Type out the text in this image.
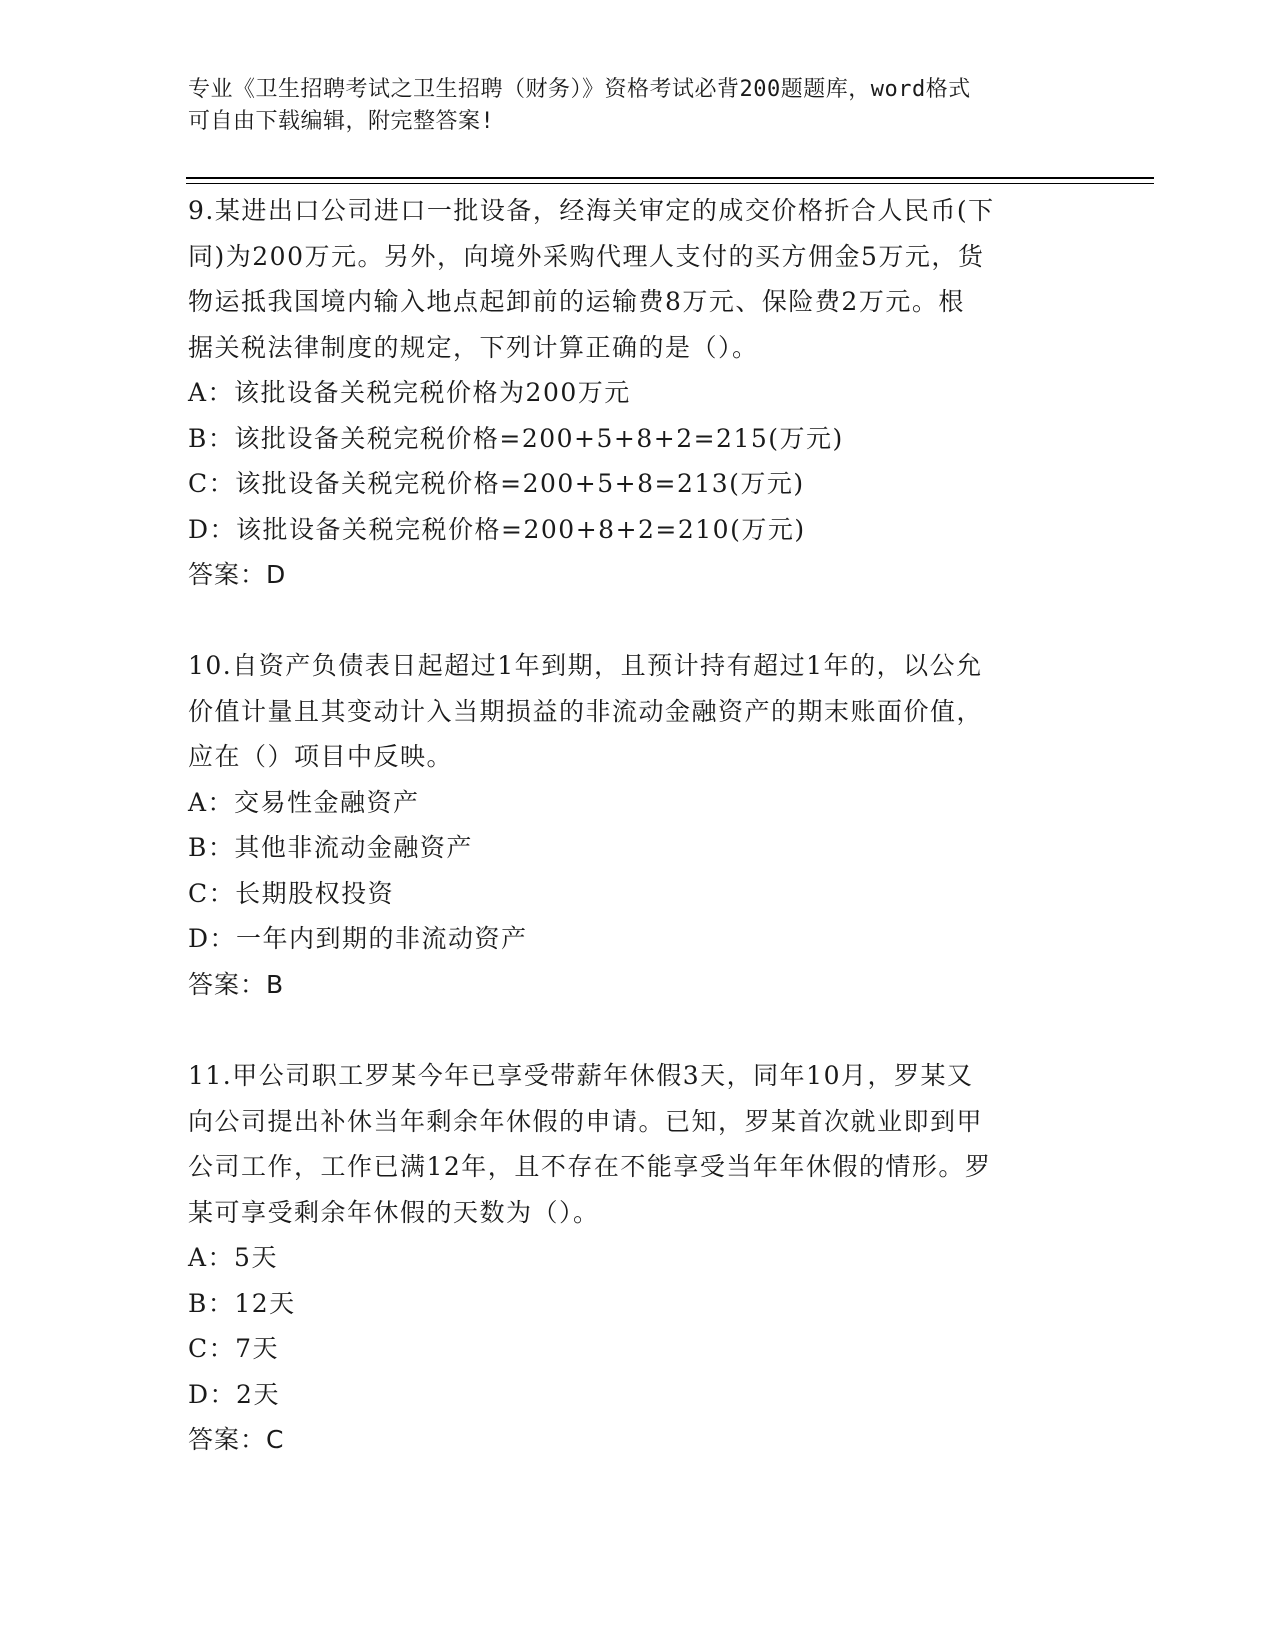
专业《卫生招聘考试之卫生招聘（财务）》资格考试必背200题题库，word格式
可自由下载编辑，附完整答案!
9.某进出口公司进口一批设备，经海关审定的成交价格折合人民币(下
同)为200万元。另外，向境外采购代理人支付的买方佣金5万元，货
物运抵我国境内输入地点起卸前的运输费8万元、保险费2万元。根
据关税法律制度的规定，下列计算正确的是（）。
A：该批设备关税完税价格为200万元
B：该批设备关税完税价格=200+5+8+2=215(万元)
C：该批设备关税完税价格=200+5+8=213(万元)
D：该批设备关税完税价格=200+8+2=210(万元)
答案：D
10.自资产负债表日起超过1年到期，且预计持有超过1年的，以公允
价值计量且其变动计入当期损益的非流动金融资产的期末账面价值，
应在（）项目中反映。
A：交易性金融资产
B：其他非流动金融资产
C：长期股权投资
D：一年内到期的非流动资产
答案：B
11.甲公司职工罗某今年已享受带薪年休假3天，同年10月，罗某又
向公司提出补休当年剩余年休假的申请。已知，罗某首次就业即到甲
公司工作，工作已满12年，且不存在不能享受当年年休假的情形。罗
某可享受剩余年休假的天数为（）。
A：5天
B：12天
C：7天
D：2天
答案：C
